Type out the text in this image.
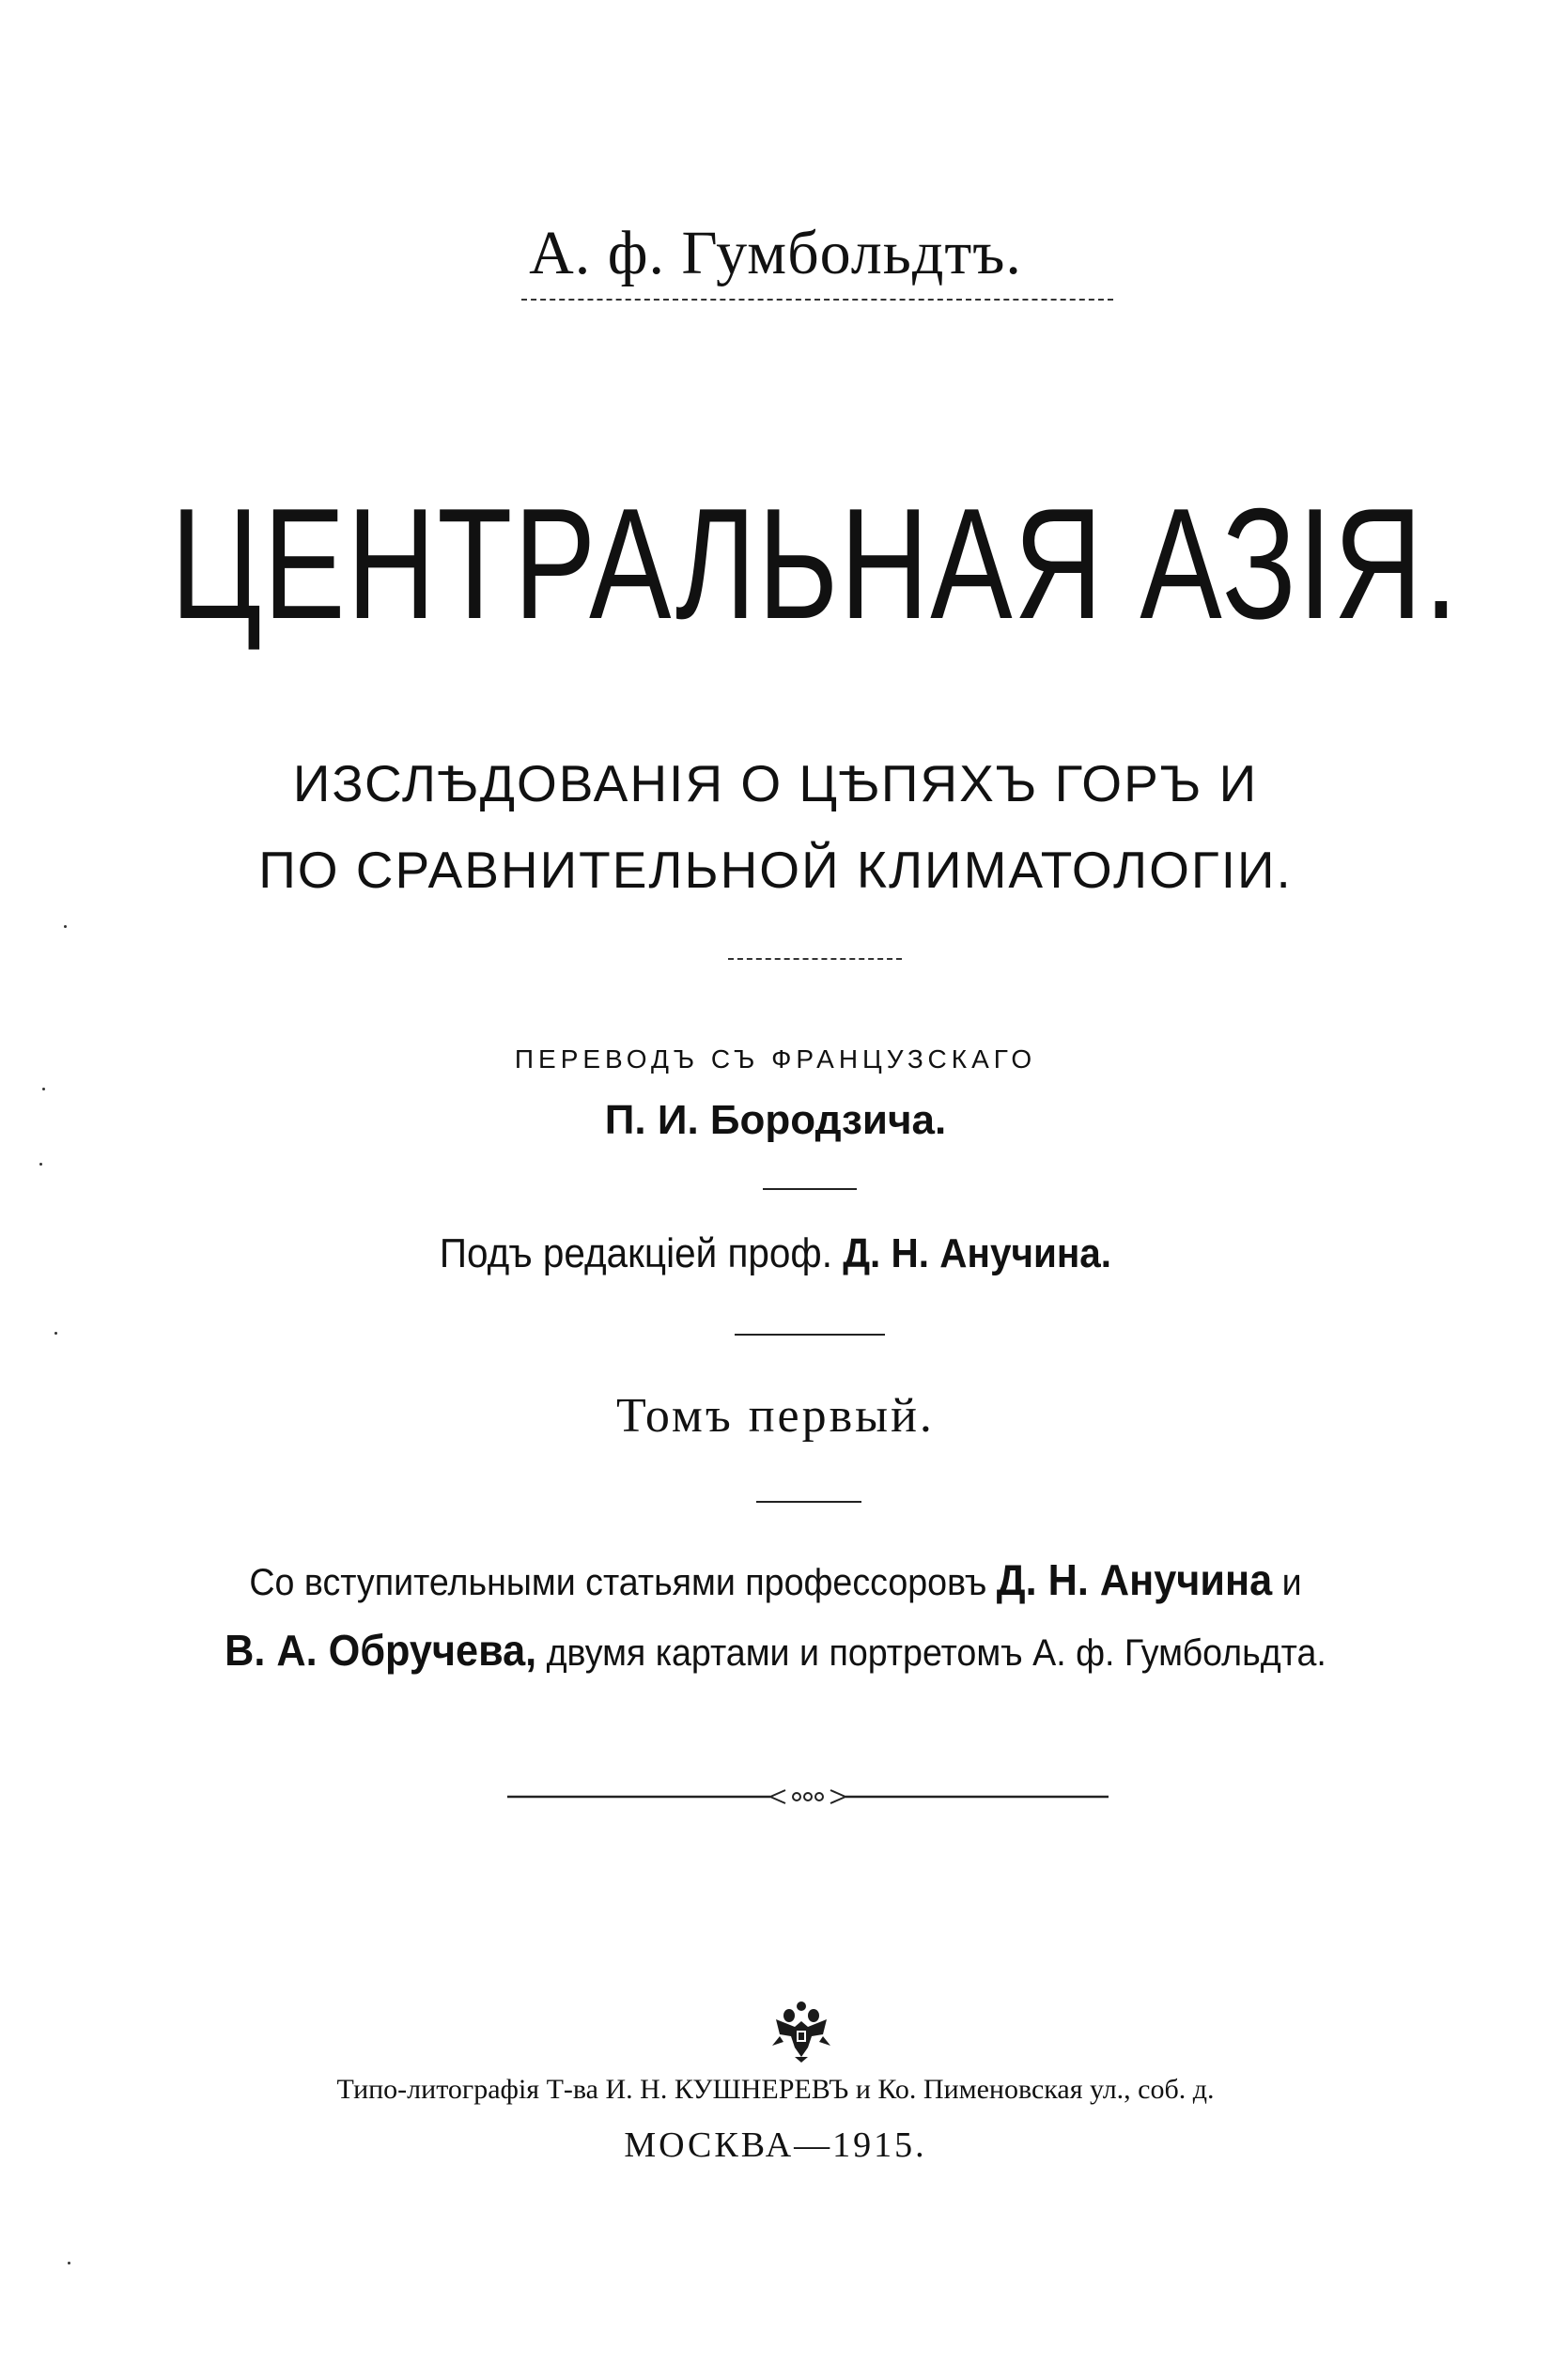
А. ф. Гумбольдтъ.
ЦЕНТРАЛЬНАЯ АЗІЯ.
ИЗСЛѢДОВАНІЯ О ЦѢПЯХЪ ГОРЪ И
ПО СРАВНИТЕЛЬНОЙ КЛИМАТОЛОГІИ.
ПЕРЕВОДЪ СЪ ФРАНЦУЗСКАГО
П. И. Бородзича.
Подъ редакціей проф. Д. Н. Анучина.
Томъ первый.
Со вступительными статьями профессоровъ Д. Н. Анучина и
В. А. Обручева, двумя картами и портретомъ А. ф. Гумбольдта.
Типо-литографія Т-ва И. Н. КУШНЕРЕВЪ и Ко. Пименовская ул., соб. д.
МОСКВА—1915.
